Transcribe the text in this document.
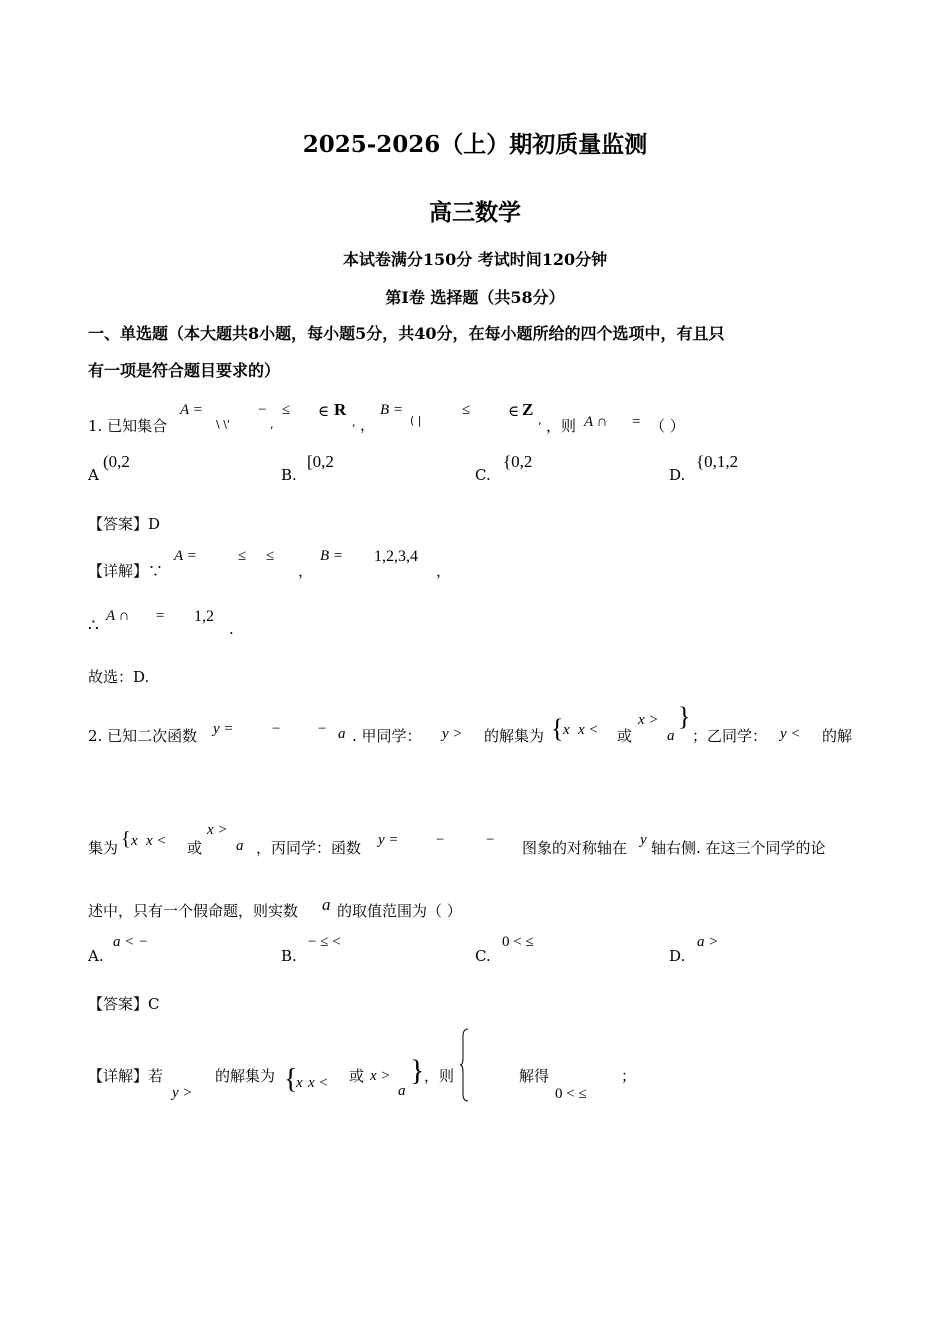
2025-2026（上）期初质量监测
高三数学
本试卷满分150分 考试时间120分钟
第Ⅰ卷 选择题（共58分）
一、单选题（本大题共8小题，每小题5分，共40分，在每小题所给的四个选项中，有且只
有一项是符合题目要求的）
1. 已知集合
A =
\ \'
−
,
≤ ∈ R
, ，
B =
( |
≤	∈ Z
, ，则 A ∩ = （ ）
A
(0,2
B.
[0,2
C.
{0,2
D.
{0,1,2
【答案】D
【详解】∵
A =	≤ ≤
，
B = 1,2,3,4
，
∴ A ∩ = 1,2
.
故选：D.
2. 已知二次函数 y =	−	− a . 甲同学： y > 的解集为 { x x < 或
x >
a
}
；乙同学： y < 的解
集为 { x x < 或
x >
a ，丙同学：函数 y = −	− 图象的对称轴在 y 轴右侧. 在这三个同学的论
述中，只有一个假命题，则实数 a 的取值范围为（ ）
A.
a < −
B.
− ≤ <
C.
0 < ≤
D.
a >
【答案】C
【详解】若	的解集为
y >	{
x x < 或 x >
a
} ，则	解得
0 < ≤
；
